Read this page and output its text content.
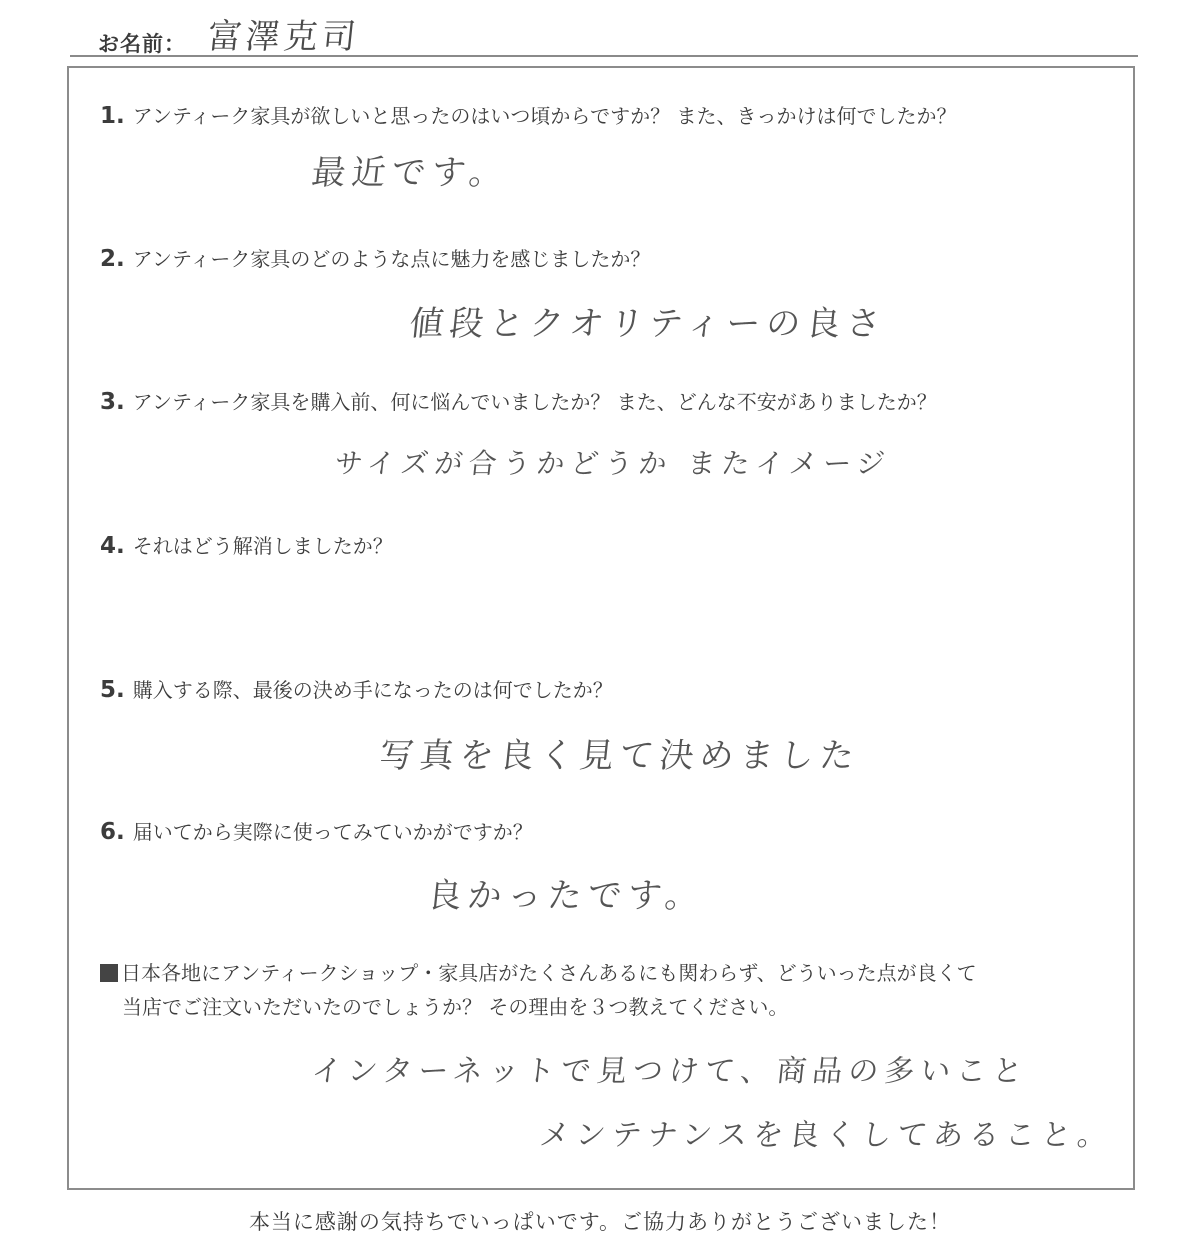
お名前： 富澤克司
1. アンティーク家具が欲しいと思ったのはいつ頃からですか？ また、きっかけは何でしたか？
最近です。
2. アンティーク家具のどのような点に魅力を感じましたか？
値段とクオリティーの良さ
3. アンティーク家具を購入前、何に悩んでいましたか？ また、どんな不安がありましたか？
サイズが合うかどうか またイメージ
4. それはどう解消しましたか？
5. 購入する際、最後の決め手になったのは何でしたか？
写真を良く見て決めました
6. 届いてから実際に使ってみていかがですか？
良かったです。
日本各地にアンティークショップ・家具店がたくさんあるにも関わらず、どういった点が良くて
当店でご注文いただいたのでしょうか？ その理由を３つ教えてください。
インターネットで見つけて、商品の多いこと
メンテナンスを良くしてあること。
本当に感謝の気持ちでいっぱいです。ご協力ありがとうございました！
